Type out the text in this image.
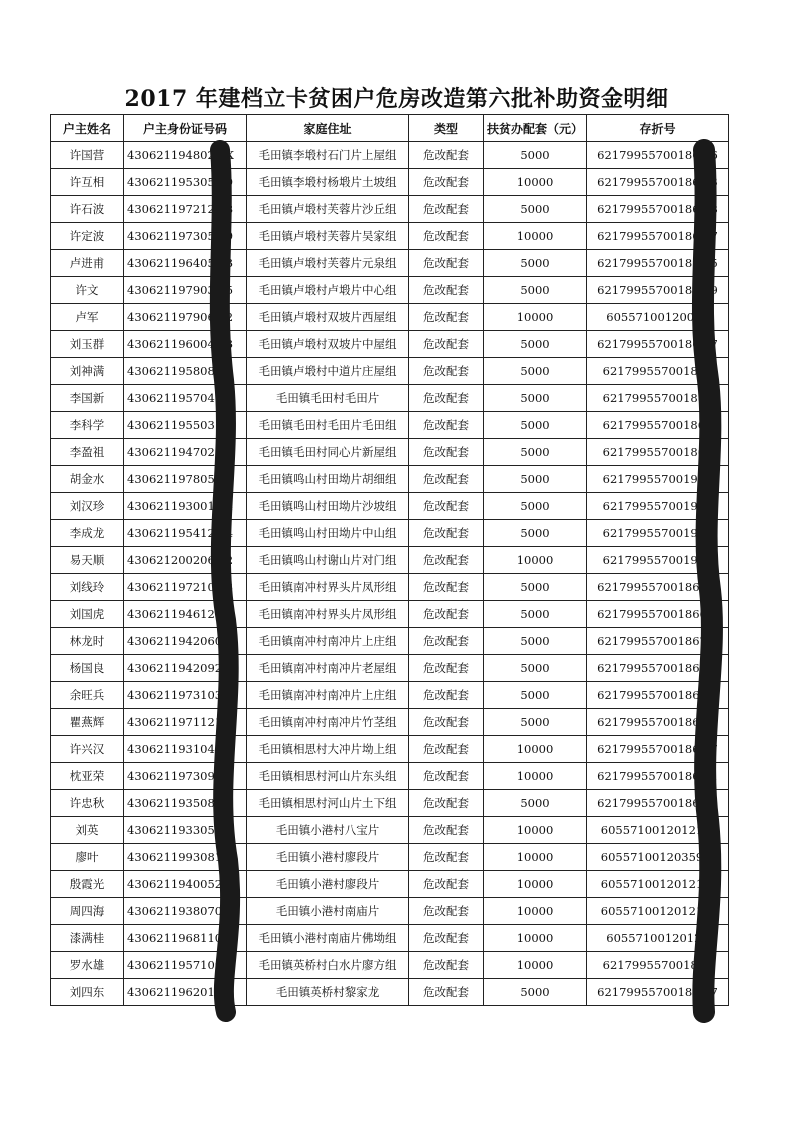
2017 年建档立卡贫困户危房改造第六批补助资金明细
户主姓名	户主身份证号码	家庭住址	类型	扶贫办配套（元）	存折号
许国营	4306211948020 X	毛田镇李塅村石门片上屋组	危改配套	5000	621799557001867 6
许互相	4306211953050 9	毛田镇李塅村杨塅片土坡组	危改配套	10000	621799557001867 3
许石波	4306211972123 8	毛田镇卢塅村芙蓉片沙丘组	危改配套	5000	621799557001867 8
许定波	4306211973051 9	毛田镇卢塅村芙蓉片吴家组	危改配套	10000	621799557001867 7
卢进甫	4306211964050 3	毛田镇卢塅村芙蓉片元泉组	危改配套	5000	621799557001867 5
许文	4306211979030 5	毛田镇卢塅村卢塅片中心组	危改配套	5000	621799557001867 9
卢军	4306211979060 2	毛田镇卢塅村双坡片西屋组	危改配套	10000	60557100120092
刘玉群	4306211960040 3	毛田镇卢塅村双坡片中屋组	危改配套	5000	621799557001867 7
刘神满	4306211958081 7	毛田镇卢塅村中道片庄屋组	危改配套	5000	621799557001867
李国新	4306211957040 4	毛田镇毛田村毛田片	危改配套	5000	621799557001866
李科学	4306211955031 9	毛田镇毛田村毛田片毛田组	危改配套	5000	621799557001866
李盈祖	4306211947020 4	毛田镇毛田村同心片新屋组	危改配套	5000	621799557001866
胡金水	4306211978051 4	毛田镇鸣山村田坳片胡细组	危改配套	5000	621799557001906
刘汉珍	4306211930010 4	毛田镇鸣山村田坳片沙坡组	危改配套	5000	621799557001906
李成龙	4306211954121 4	毛田镇鸣山村田坳片中山组	危改配套	5000	621799557001906
易天顺	4306212002062 2	毛田镇鸣山村谢山片对门组	危改配套	10000	621799557001906
刘线玲	4306211972100 3	毛田镇南冲村界头片凤形组	危改配套	5000	621799557001866 2
刘国虎	4306211946123 9	毛田镇南冲村界头片凤形组	危改配套	5000	621799557001866 7
林龙时	4306211942060 8	毛田镇南冲村南冲片上庄组	危改配套	5000	621799557001867 5
杨国良	4306211942092 7	毛田镇南冲村南冲片老屋组	危改配套	5000	621799557001866 6
余旺兵	4306211973103 7	毛田镇南冲村南冲片上庄组	危改配套	5000	621799557001867 8
瞿燕辉	4306211971121 X	毛田镇南冲村南冲片竹茎组	危改配套	5000	621799557001866 3
许兴汉	4306211931043 2	毛田镇相思村大冲片坳上组	危改配套	10000	621799557001867 7
枕亚荣	4306211973092 7	毛田镇相思村河山片东头组	危改配套	10000	621799557001867 1
许忠秋	4306211935081 8	毛田镇相思村河山片土下组	危改配套	5000	621799557001867 0
刘英	4306211933051 4	毛田镇小港村八宝片	危改配套	10000	60557100120121 6
廖叶	4306211993081 2	毛田镇小港村廖段片	危改配套	10000	60557100120359 4
殷霞光	4306211940052 X	毛田镇小港村廖段片	危改配套	10000	60557100120121 2
周四海	4306211938070 4	毛田镇小港村南庙片	危改配套	10000	60557100120121 2
漆满桂	4306211968110 9	毛田镇小港村南庙片佛坳组	危改配套	10000	60557100120121
罗水雄	4306211957100 4	毛田镇英桥村白水片廖方组	危改配套	10000	621799557001866
刘四东	4306211962012 0	毛田镇英桥村黎家龙	危改配套	5000	621799557001867 7
